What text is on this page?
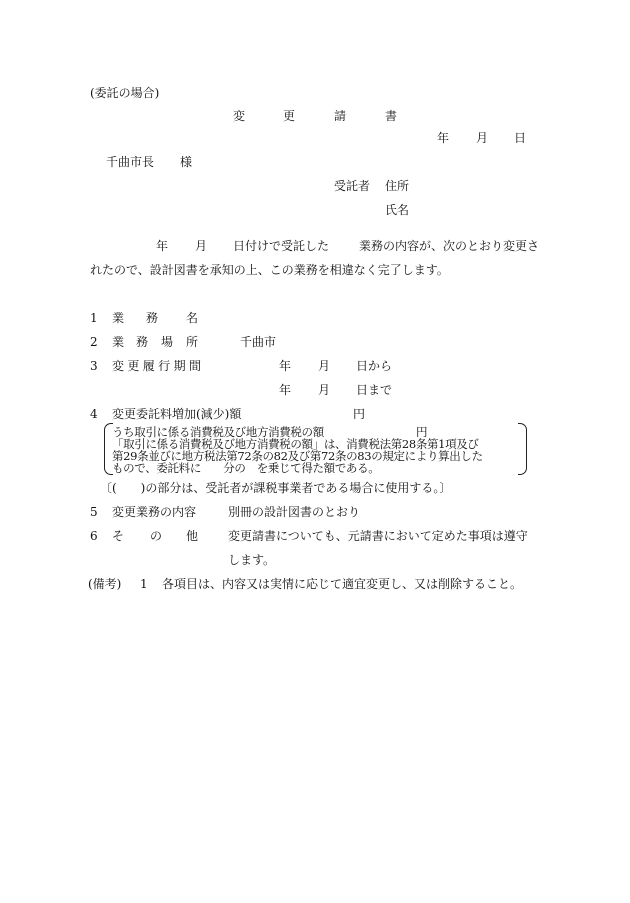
(委託の場合)
変	更	請	書
年 月 日
千曲市長 様
受託者 住所
氏名
年 月 日付けで受託した 業務の内容が、次のとおり変更さ
れたので、設計図書を承知の上、この業務を相違なく完了します。
1 業 務 名
2 業 務 場 所	千曲市
3 変更履行期間	年 月 日から
年 月 日まで
4 変更委託料増加(減少)額	円
うち取引に係る消費税及び地方消費税の額	円
「取引に係る消費税及び地方消費税の額」は、消費税法第28条第1項及び
第29条並びに地方税法第72条の82及び第72条の83の規定により算出した
もので、委託料に　　分の　を乗じて得た額である。
〔(　　)の部分は、受託者が課税事業者である場合に使用する。〕
5 変更業務の内容	別冊の設計図書のとおり
6 そ の 他 変更請書についても、元請書において定めた事項は遵守
します。
(備考) 1 各項目は、内容又は実情に応じて適宜変更し、又は削除すること。
